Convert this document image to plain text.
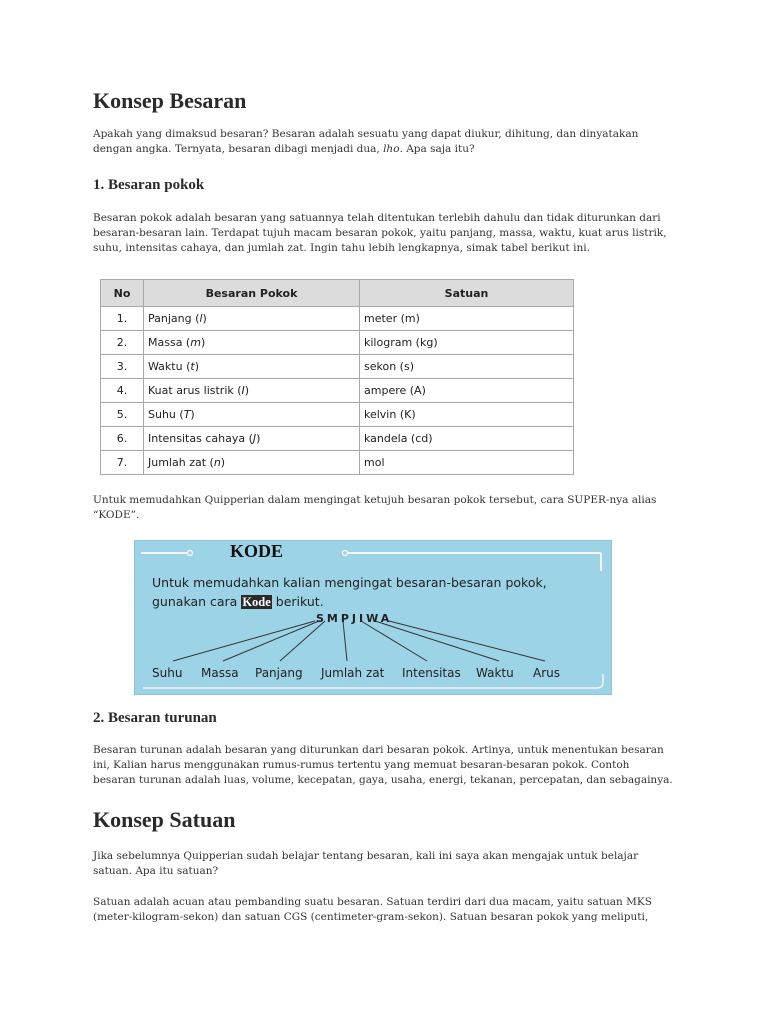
Konsep Besaran

Apakah yang dimaksud besaran? Besaran adalah sesuatu yang dapat diukur, dihitung, dan dinyatakan dengan angka. Ternyata, besaran dibagi menjadi dua, lho. Apa saja itu?

1. Besaran pokok

Besaran pokok adalah besaran yang satuannya telah ditentukan terlebih dahulu dan tidak diturunkan dari besaran-besaran lain. Terdapat tujuh macam besaran pokok, yaitu panjang, massa, waktu, kuat arus listrik, suhu, intensitas cahaya, dan jumlah zat. Ingin tahu lebih lengkapnya, simak tabel berikut ini.

No	Besaran Pokok	Satuan
1.	Panjang (l)	meter (m)
2.	Massa (m)	kilogram (kg)
3.	Waktu (t)	sekon (s)
4.	Kuat arus listrik (I)	ampere (A)
5.	Suhu (T)	kelvin (K)
6.	Intensitas cahaya (J)	kandela (cd)
7.	Jumlah zat (n)	mol

Untuk memudahkan Quipperian dalam mengingat ketujuh besaran pokok tersebut, cara SUPER-nya alias “KODE”.

KODE
Untuk memudahkan kalian mengingat besaran-besaran pokok, gunakan cara Kode berikut.
SMPJIWA
Suhu Massa Panjang Jumlah zat Intensitas Waktu Arus
2. Besaran turunan

Besaran turunan adalah besaran yang diturunkan dari besaran pokok. Artinya, untuk menentukan besaran ini, Kalian harus menggunakan rumus-rumus tertentu yang memuat besaran-besaran pokok. Contoh besaran turunan adalah luas, volume, kecepatan, gaya, usaha, energi, tekanan, percepatan, dan sebagainya.

Konsep Satuan

Jika sebelumnya Quipperian sudah belajar tentang besaran, kali ini saya akan mengajak untuk belajar satuan. Apa itu satuan?

Satuan adalah acuan atau pembanding suatu besaran. Satuan terdiri dari dua macam, yaitu satuan MKS (meter-kilogram-sekon) dan satuan CGS (centimeter-gram-sekon). Satuan besaran pokok yang meliputi,
